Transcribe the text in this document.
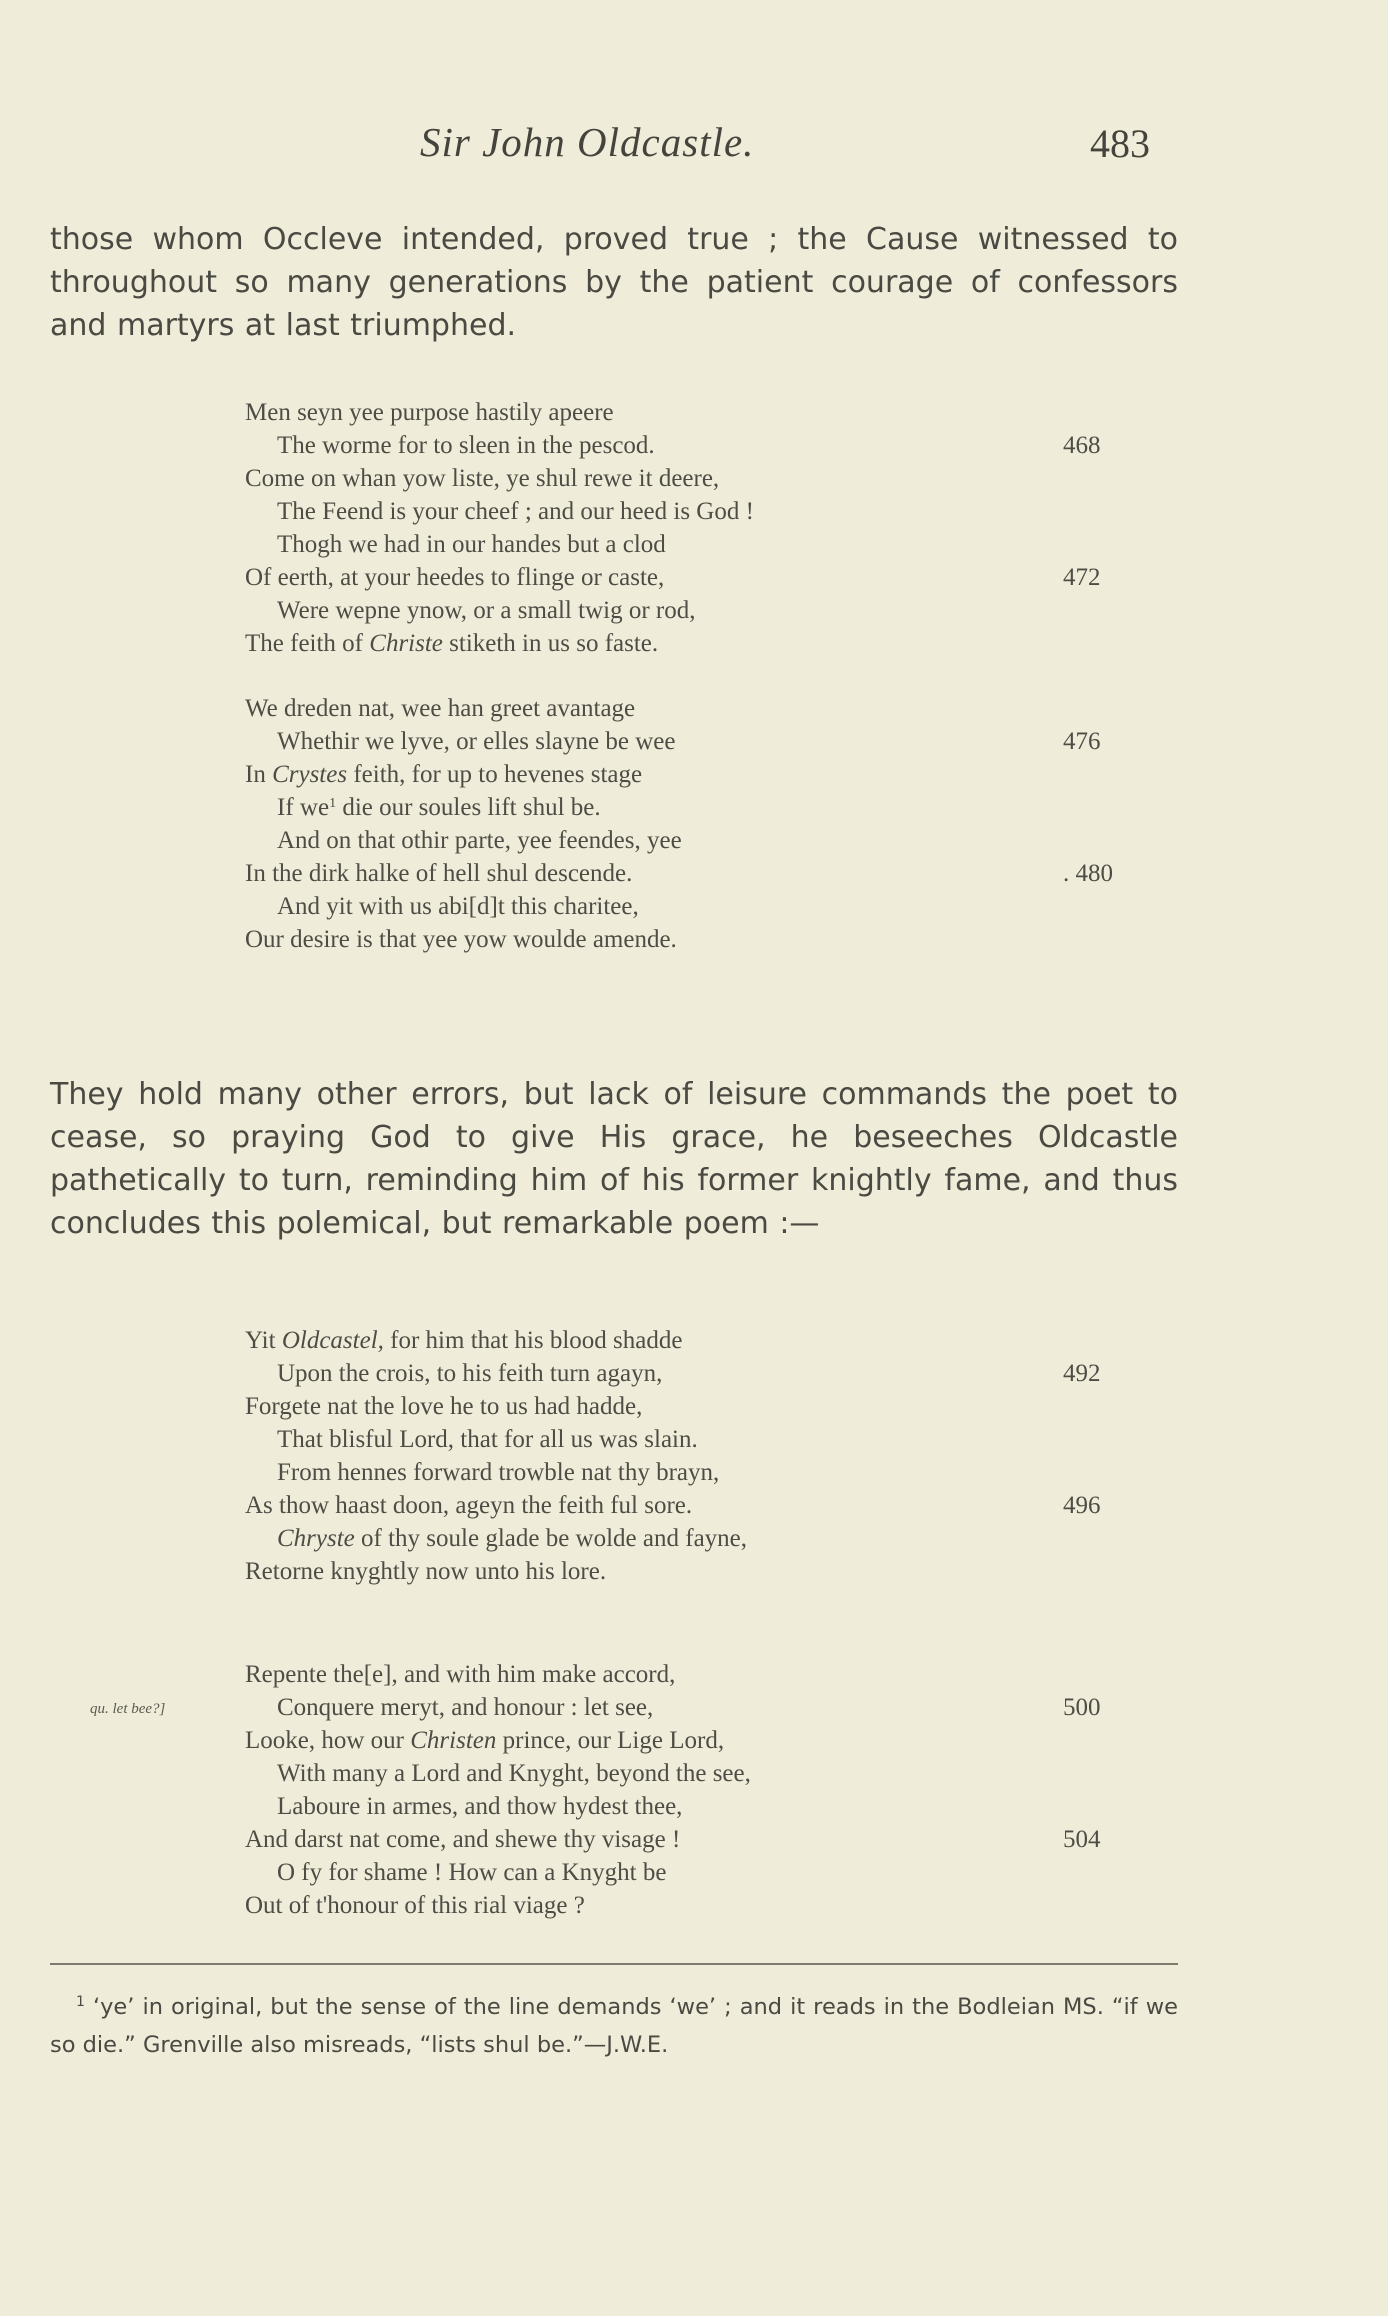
Sir John Oldcastle.	483

those whom Occleve intended, proved true ; the Cause witnessed to throughout so many generations by the patient courage of confessors and martyrs at last triumphed.

Men seyn yee purpose hastily apeere
The worme for to sleen in the pescod.	468
Come on whan yow liste, ye shul rewe it deere,
The Feend is your cheef ; and our heed is God !
Thogh we had in our handes but a clod
Of eerth, at your heedes to flinge or caste,	472
Were wepne ynow, or a small twig or rod,
The feith of Christe stiketh in us so faste.
We dreden nat, wee han greet avantage
Whethir we lyve, or elles slayne be wee	476
In Crystes feith, for up to hevenes stage
If $we^1$ die our soules lift shul be.
And on that othir parte, yee feendes, yee
In the dirk halke of hell shul descende.	. 480
And yit with us abi[d]t this charitee,
Our desire is that yee yow woulde amende.

They hold many other errors, but lack of leisure commands the poet to cease, so praying God to give His grace, he beseeches Oldcastle pathetically to turn, reminding him of his former knightly fame, and thus concludes this polemical, but remarkable poem :—

Yit Oldcastel, for him that his blood shadde
Upon the crois, to his feith turn agayn,	492
Forgete nat the love he to us had hadde,
That blisful Lord, that for all us was slain.
From hennes forward trowble nat thy brayn,
As thow haast doon, ageyn the feith ful sore.	496
Chryste of thy soule glade be wolde and fayne,
Retorne knyghtly now unto his lore.
Repente the[e], and with him make accord,
Conquere meryt, and honour : let see,	500
qu. let bee?]
Looke, how our Christen prince, our Lige Lord,
With many a Lord and Knyght, beyond the see,
Laboure in armes, and thow hydest thee,
And darst nat come, and shewe thy visage !	504
O fy for shame ! How can a Knyght be
Out of t'honour of this rial viage ?

$^1$ ‘ye’ in original, but the sense of the line demands ‘we’ ; and it reads in the Bodleian MS. “if we so die.” Grenville also misreads, “lists shul be.”—J.W.E.
